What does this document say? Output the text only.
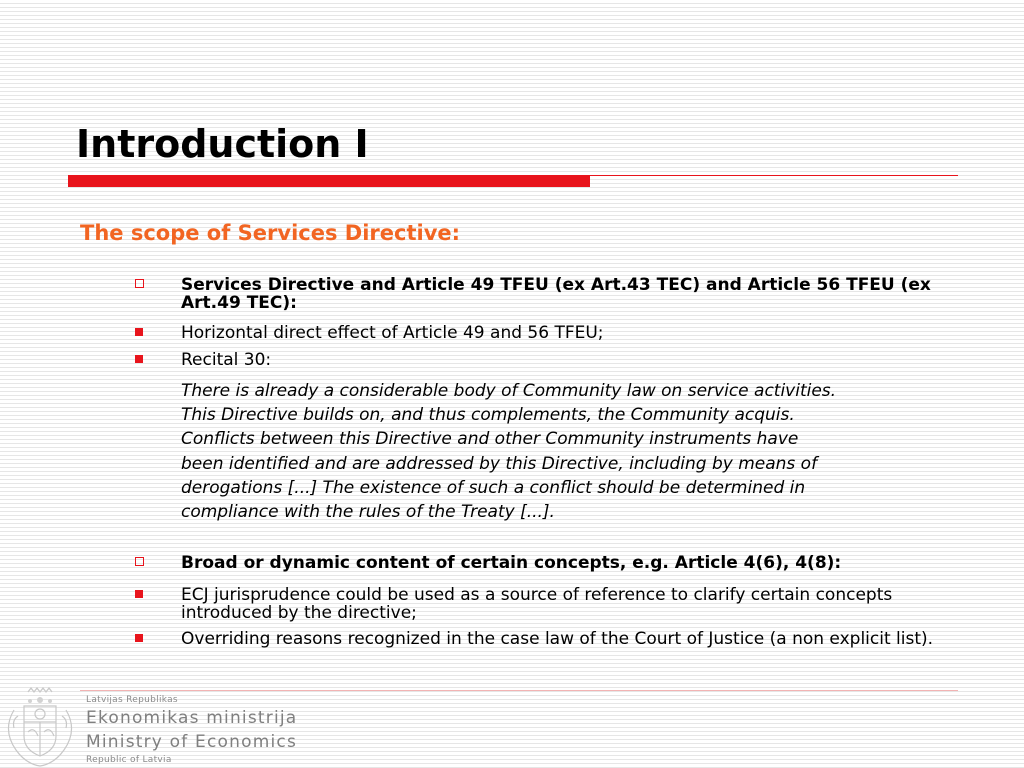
Introduction I
The scope of Services Directive:
Services Directive and Article 49 TFEU (ex Art.43 TEC) and Article 56 TFEU (ex Art.49 TEC):
Horizontal direct effect of Article 49 and 56 TFEU;
Recital 30:
There is already a considerable body of Community law on service activities.
This Directive builds on, and thus complements, the Community acquis.
Conflicts between this Directive and other Community instruments have
been identified and are addressed by this Directive, including by means of
derogations [...] The existence of such a conflict should be determined in
compliance with the rules of the Treaty [...].
Broad or dynamic content of certain concepts, e.g. Article 4(6), 4(8):
ECJ jurisprudence could be used as a source of reference to clarify certain concepts introduced by the directive;
Overriding reasons recognized in the case law of the Court of Justice (a non explicit list).
Latvijas Republikas
Ekonomikas ministrija
Ministry of Economics
Republic of Latvia
